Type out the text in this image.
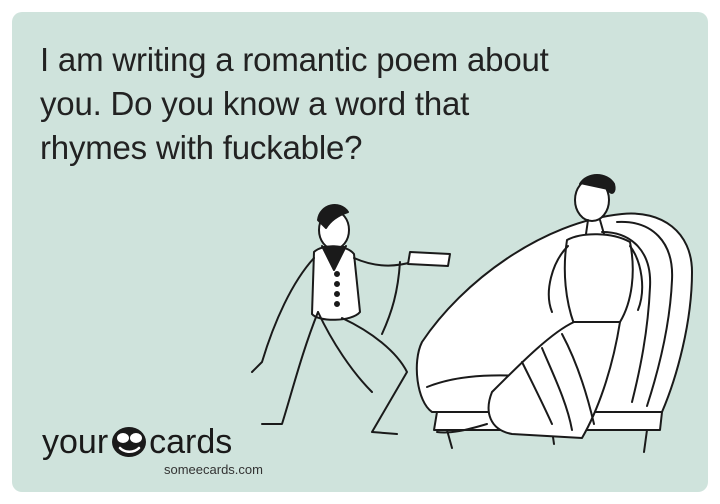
I am writing a romantic poem about
you. Do you know a word that
rhymes with fuckable?

your cards
someecards.com
